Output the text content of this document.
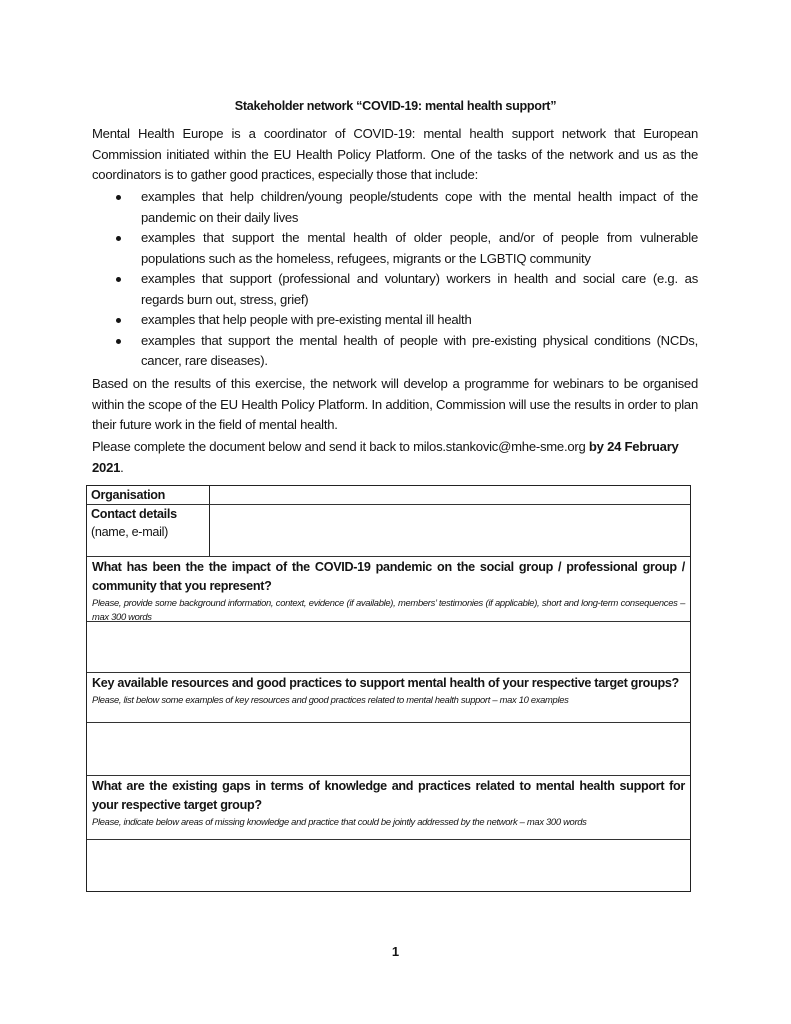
Stakeholder network “COVID-19: mental health support”
Mental Health Europe is a coordinator of COVID-19: mental health support network that European Commission initiated within the EU Health Policy Platform. One of the tasks of the network and us as the coordinators is to gather good practices, especially those that include:
examples that help children/young people/students cope with the mental health impact of the pandemic on their daily lives
examples that support the mental health of older people, and/or of people from vulnerable populations such as the homeless, refugees, migrants or the LGBTIQ community
examples that support (professional and voluntary) workers in health and social care (e.g. as regards burn out, stress, grief)
examples that help people with pre-existing mental ill health
examples that support the mental health of people with pre-existing physical conditions (NCDs, cancer, rare diseases).
Based on the results of this exercise, the network will develop a programme for webinars to be organised within the scope of the EU Health Policy Platform. In addition, Commission will use the results in order to plan their future work in the field of mental health.
Please complete the document below and send it back to milos.stankovic@mhe-sme.org by 24 February 2021.
Organisation
Contact details
(name, e-mail)
What has been the the impact of the COVID-19 pandemic on the social group / professional group / community that you represent?
Please, provide some background information, context, evidence (if available), members’ testimonies (if applicable), short and long-term consequences – max 300 words
Key available resources and good practices to support mental health of your respective target groups?
Please, list below some examples of key resources and good practices related to mental health support – max 10 examples
What are the existing gaps in terms of knowledge and practices related to mental health support for your respective target group?
Please, indicate below areas of missing knowledge and practice that could be jointly addressed by the network – max 300 words
1
